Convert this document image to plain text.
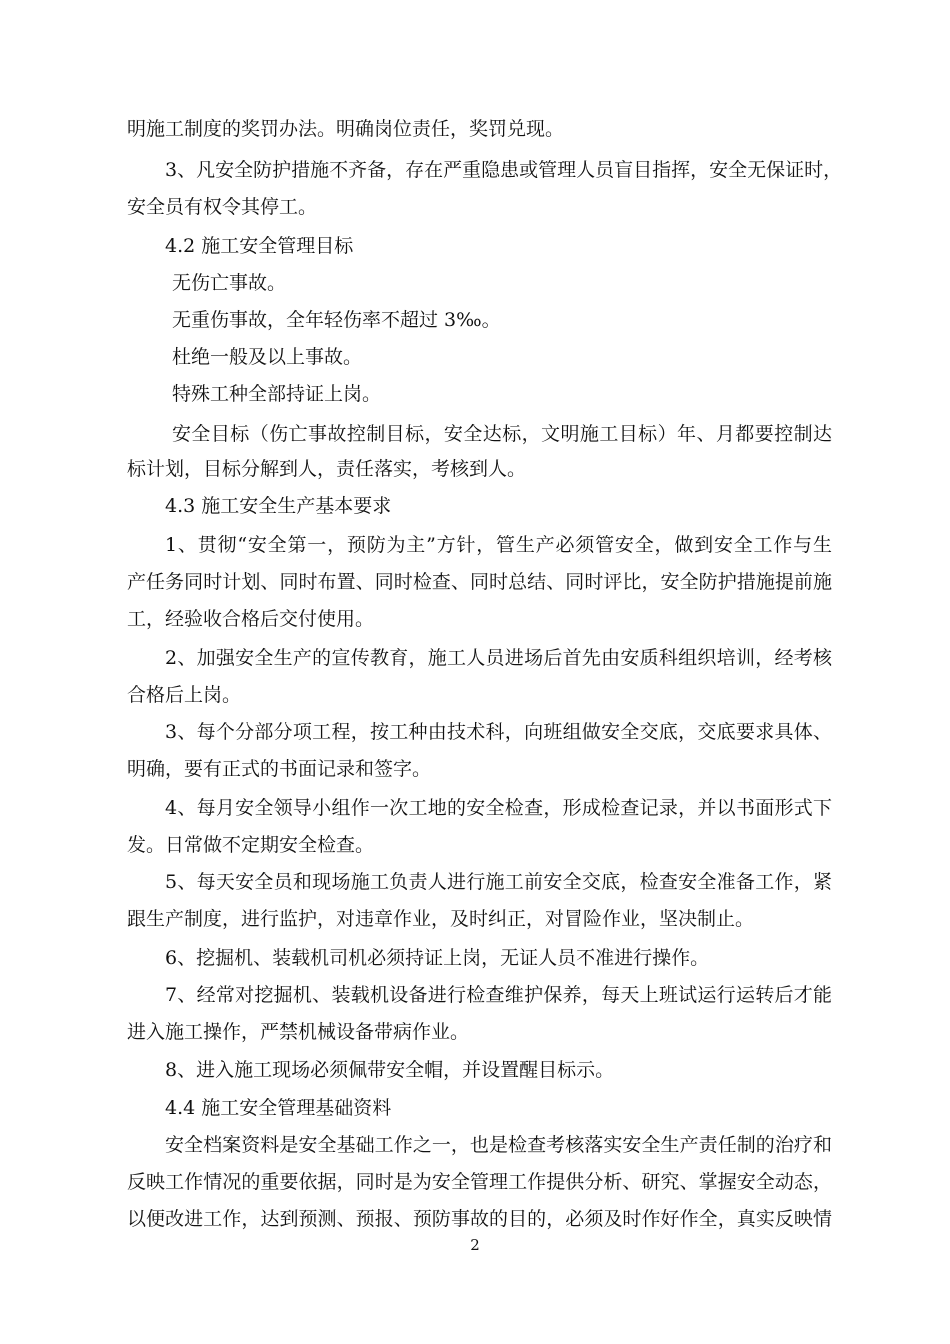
明施工制度的奖罚办法。明确岗位责任，奖罚兑现。
3、凡安全防护措施不齐备，存在严重隐患或管理人员盲目指挥，安全无保证时，
安全员有权令其停工。
4.2 施工安全管理目标
无伤亡事故。
无重伤事故，全年轻伤率不超过 3‰。
杜绝一般及以上事故。
特殊工种全部持证上岗。
安全目标（伤亡事故控制目标，安全达标，文明施工目标）年、月都要控制达
标计划，目标分解到人，责任落实，考核到人。
4.3 施工安全生产基本要求
1、贯彻“安全第一，预防为主”方针，管生产必须管安全，做到安全工作与生
产任务同时计划、同时布置、同时检查、同时总结、同时评比，安全防护措施提前施
工，经验收合格后交付使用。
2、加强安全生产的宣传教育，施工人员进场后首先由安质科组织培训，经考核
合格后上岗。
3、每个分部分项工程，按工种由技术科，向班组做安全交底，交底要求具体、
明确，要有正式的书面记录和签字。
4、每月安全领导小组作一次工地的安全检查，形成检查记录，并以书面形式下
发。日常做不定期安全检查。
5、每天安全员和现场施工负责人进行施工前安全交底，检查安全准备工作，紧
跟生产制度，进行监护，对违章作业，及时纠正，对冒险作业，坚决制止。
6、挖掘机、装载机司机必须持证上岗，无证人员不准进行操作。
7、经常对挖掘机、装载机设备进行检查维护保养，每天上班试运行运转后才能
进入施工操作，严禁机械设备带病作业。
8、进入施工现场必须佩带安全帽，并设置醒目标示。
4.4 施工安全管理基础资料
安全档案资料是安全基础工作之一，也是检查考核落实安全生产责任制的治疗和
反映工作情况的重要依据，同时是为安全管理工作提供分析、研究、掌握安全动态，
以便改进工作，达到预测、预报、预防事故的目的，必须及时作好作全，真实反映情
2
